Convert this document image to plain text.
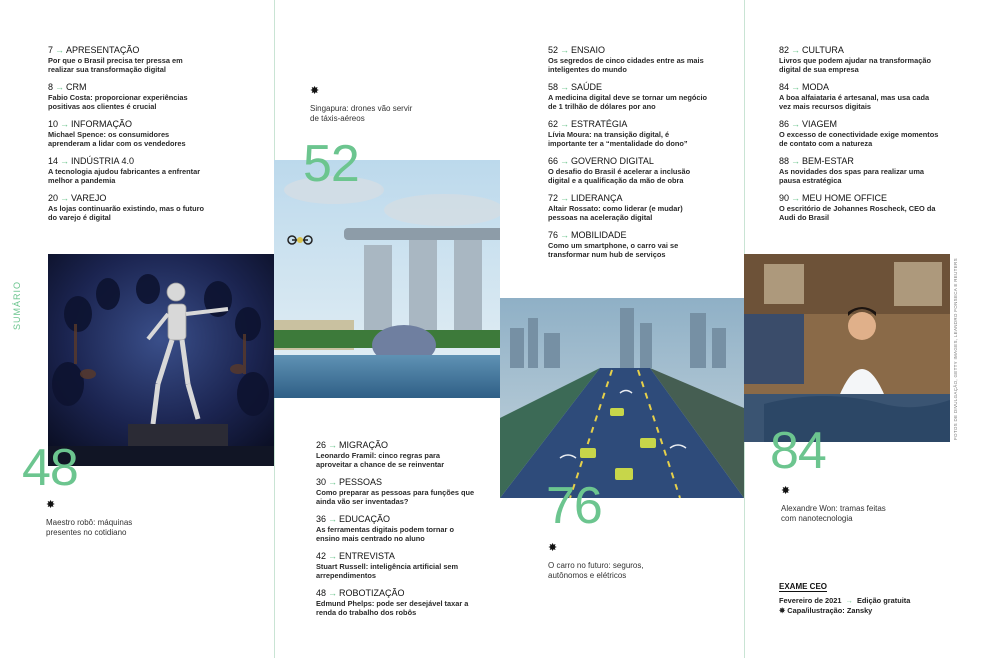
SUMÁRIO
7 → APRESENTAÇÃO
Por que o Brasil precisa ter pressa em realizar sua transformação digital
8 → CRM
Fabio Costa: proporcionar experiências positivas aos clientes é crucial
10 → INFORMAÇÃO
Michael Spence: os consumidores aprenderam a lidar com os vendedores
14 → INDÚSTRIA 4.0
A tecnologia ajudou fabricantes a enfrentar melhor a pandemia
20 → VAREJO
As lojas continuarão existindo, mas o futuro do varejo é digital
26 → MIGRAÇÃO
Leonardo Framil: cinco regras para aproveitar a chance de se reinventar
30 → PESSOAS
Como preparar as pessoas para funções que ainda vão ser inventadas?
36 → EDUCAÇÃO
As ferramentas digitais podem tornar o ensino mais centrado no aluno
42 → ENTREVISTA
Stuart Russell: inteligência artificial sem arrependimentos
48 → ROBOTIZAÇÃO
Edmund Phelps: pode ser desejável taxar a renda do trabalho dos robôs
52 → ENSAIO
Os segredos de cinco cidades entre as mais inteligentes do mundo
58 → SAÚDE
A medicina digital deve se tornar um negócio de 1 trilhão de dólares por ano
62 → ESTRATÉGIA
Lívia Moura: na transição digital, é importante ter a “mentalidade do dono”
66 → GOVERNO DIGITAL
O desafio do Brasil é acelerar a inclusão digital e a qualificação da mão de obra
72 → LIDERANÇA
Altair Rossato: como liderar (e mudar) pessoas na aceleração digital
76 → MOBILIDADE
Como um smartphone, o carro vai se transformar num hub de serviços
82 → CULTURA
Livros que podem ajudar na transformação digital de sua empresa
84 → MODA
A boa alfaiataria é artesanal, mas usa cada vez mais recursos digitais
86 → VIAGEM
O excesso de conectividade exige momentos de contato com a natureza
88 → BEM-ESTAR
As novidades dos spas para realizar uma pausa estratégica
90 → MEU HOME OFFICE
O escritório de Johannes Roscheck, CEO da Audi do Brasil
48
52
76
84
✸
Maestro robô: máquinas presentes no cotidiano
✸
Singapura: drones vão servir de táxis-aéreos
✸
O carro no futuro: seguros, autônomos e elétricos
✸
Alexandre Won: tramas feitas com nanotecnologia
FOTOS DE DIVULGAÇÃO, GETTY IMAGES, LEANDRO FONSECA E REUTERS
EXAME CEO
Fevereiro de 2021 → Edição gratuita
✸ Capa/ilustração: Zansky
